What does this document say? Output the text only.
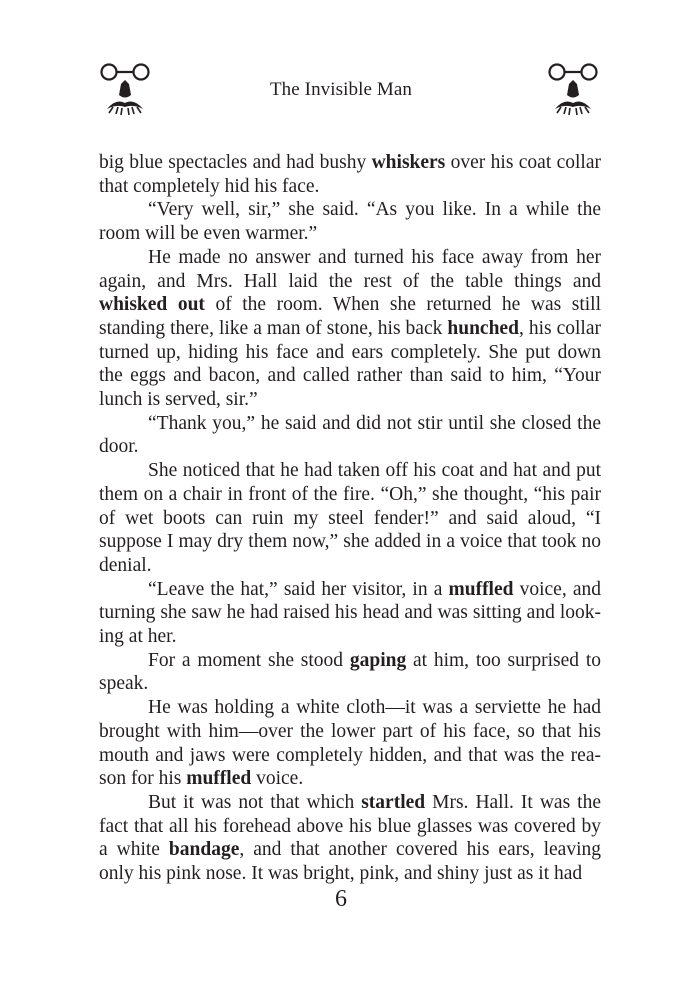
The Invisible Man

big blue spectacles and had bushy whiskers over his coat collar that completely hid his face.

“Very well, sir,” she said. “As you like. In a while the room will be even warmer.”

He made no answer and turned his face away from her again, and Mrs. Hall laid the rest of the table things and whisked out of the room. When she returned he was still standing there, like a man of stone, his back hunched, his collar turned up, hiding his face and ears completely. She put down the eggs and bacon, and called rather than said to him, “Your lunch is served, sir.”

“Thank you,” he said and did not stir until she closed the door.

She noticed that he had taken off his coat and hat and put them on a chair in front of the fire. “Oh,” she thought, “his pair of wet boots can ruin my steel fender!” and said aloud, “I suppose I may dry them now,” she added in a voice that took no denial.

“Leave the hat,” said her visitor, in a muffled voice, and turning she saw he had raised his head and was sitting and looking at her.

For a moment she stood gaping at him, too surprised to speak.

He was holding a white cloth—it was a serviette he had brought with him—over the lower part of his face, so that his mouth and jaws were completely hidden, and that was the reason for his muffled voice.

But it was not that which startled Mrs. Hall. It was the fact that all his forehead above his blue glasses was covered by a white bandage, and that another covered his ears, leaving only his pink nose. It was bright, pink, and shiny just as it had

6
